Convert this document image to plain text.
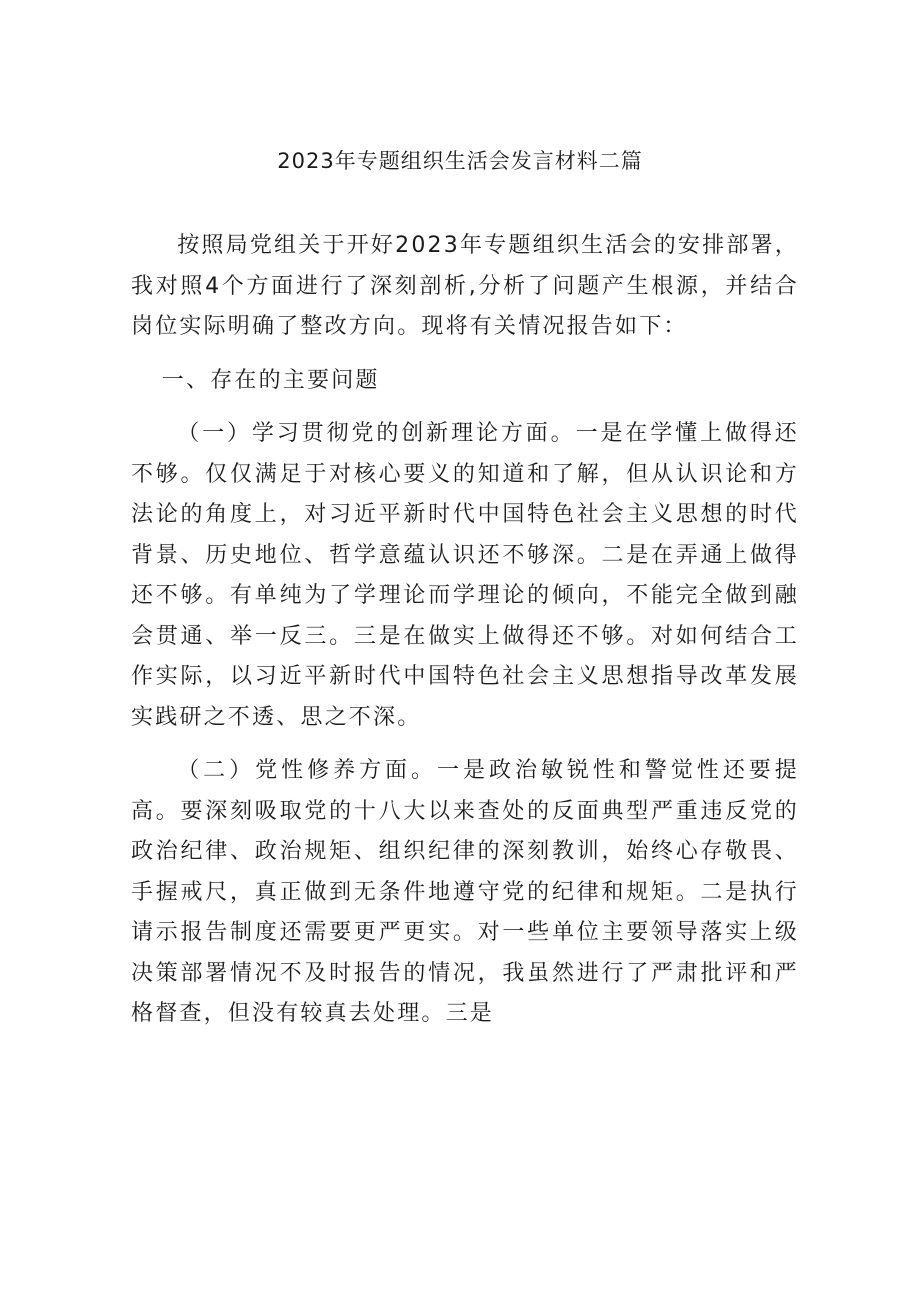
2023年专题组织生活会发言材料二篇

按照局党组关于开好2023年专题组织生活会的安排部署，我对照4个方面进行了深刻剖析,分析了问题产生根源，并结合岗位实际明确了整改方向。现将有关情况报告如下：

一、存在的主要问题

（一）学习贯彻党的创新理论方面。一是在学懂上做得还不够。仅仅满足于对核心要义的知道和了解，但从认识论和方法论的角度上，对习近平新时代中国特色社会主义思想的时代背景、历史地位、哲学意蕴认识还不够深。二是在弄通上做得还不够。有单纯为了学理论而学理论的倾向，不能完全做到融会贯通、举一反三。三是在做实上做得还不够。对如何结合工作实际，以习近平新时代中国特色社会主义思想指导改革发展实践研之不透、思之不深。

（二）党性修养方面。一是政治敏锐性和警觉性还要提高。要深刻吸取党的十八大以来查处的反面典型严重违反党的政治纪律、政治规矩、组织纪律的深刻教训，始终心存敬畏、手握戒尺，真正做到无条件地遵守党的纪律和规矩。二是执行请示报告制度还需要更严更实。对一些单位主要领导落实上级决策部署情况不及时报告的情况，我虽然进行了严肃批评和严格督查，但没有较真去处理。三是
